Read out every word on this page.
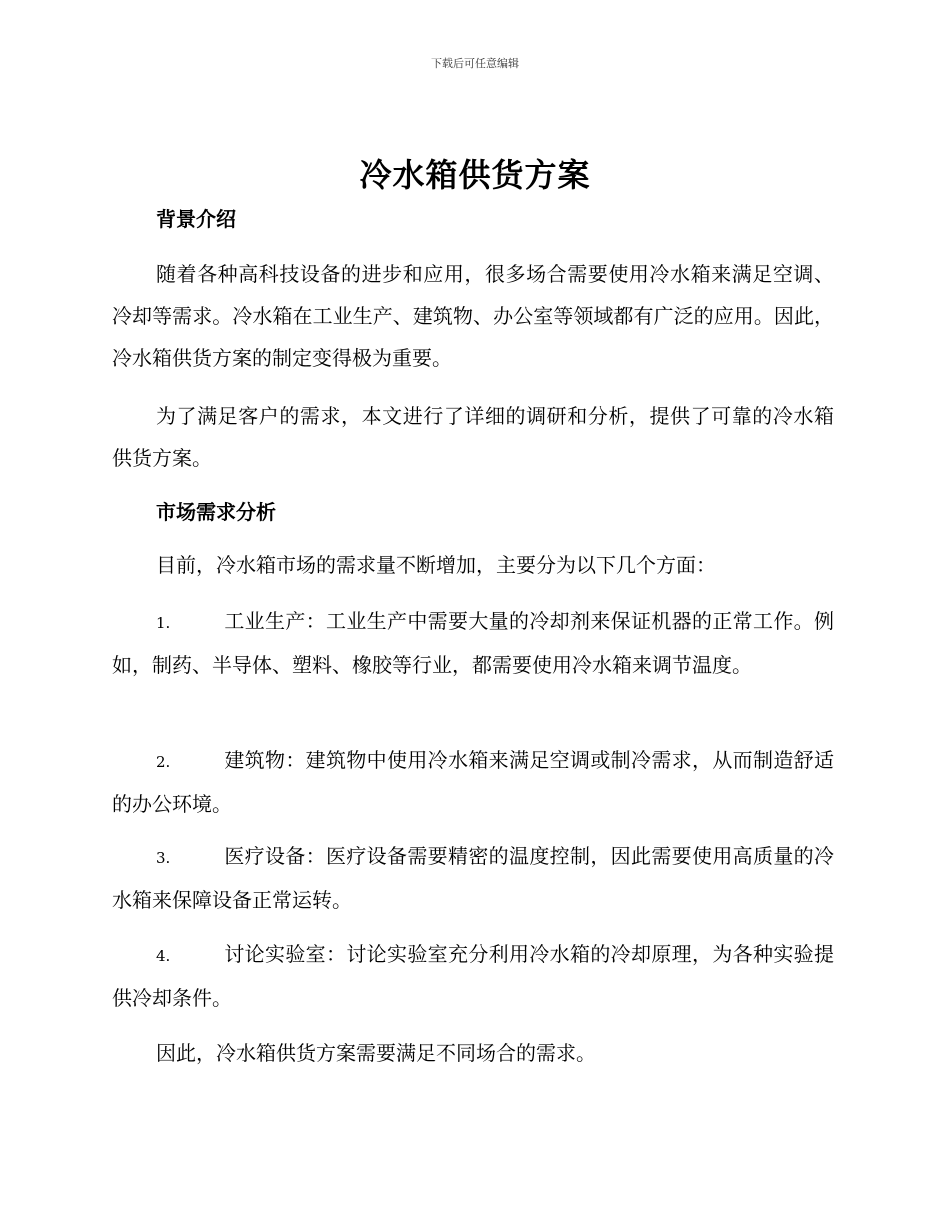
下载后可任意编辑
冷水箱供货方案
背景介绍

随着各种高科技设备的进步和应用，很多场合需要使用冷水箱来满足空调、冷却等需求。冷水箱在工业生产、建筑物、办公室等领域都有广泛的应用。因此，冷水箱供货方案的制定变得极为重要。

为了满足客户的需求，本文进行了详细的调研和分析，提供了可靠的冷水箱供货方案。

市场需求分析

目前，冷水箱市场的需求量不断增加，主要分为以下几个方面：

1.	工业生产：工业生产中需要大量的冷却剂来保证机器的正常工作。例如，制药、半导体、塑料、橡胶等行业，都需要使用冷水箱来调节温度。

2.	建筑物：建筑物中使用冷水箱来满足空调或制冷需求，从而制造舒适的办公环境。

3.	医疗设备：医疗设备需要精密的温度控制，因此需要使用高质量的冷水箱来保障设备正常运转。

4.	讨论实验室：讨论实验室充分利用冷水箱的冷却原理，为各种实验提供冷却条件。

因此，冷水箱供货方案需要满足不同场合的需求。
